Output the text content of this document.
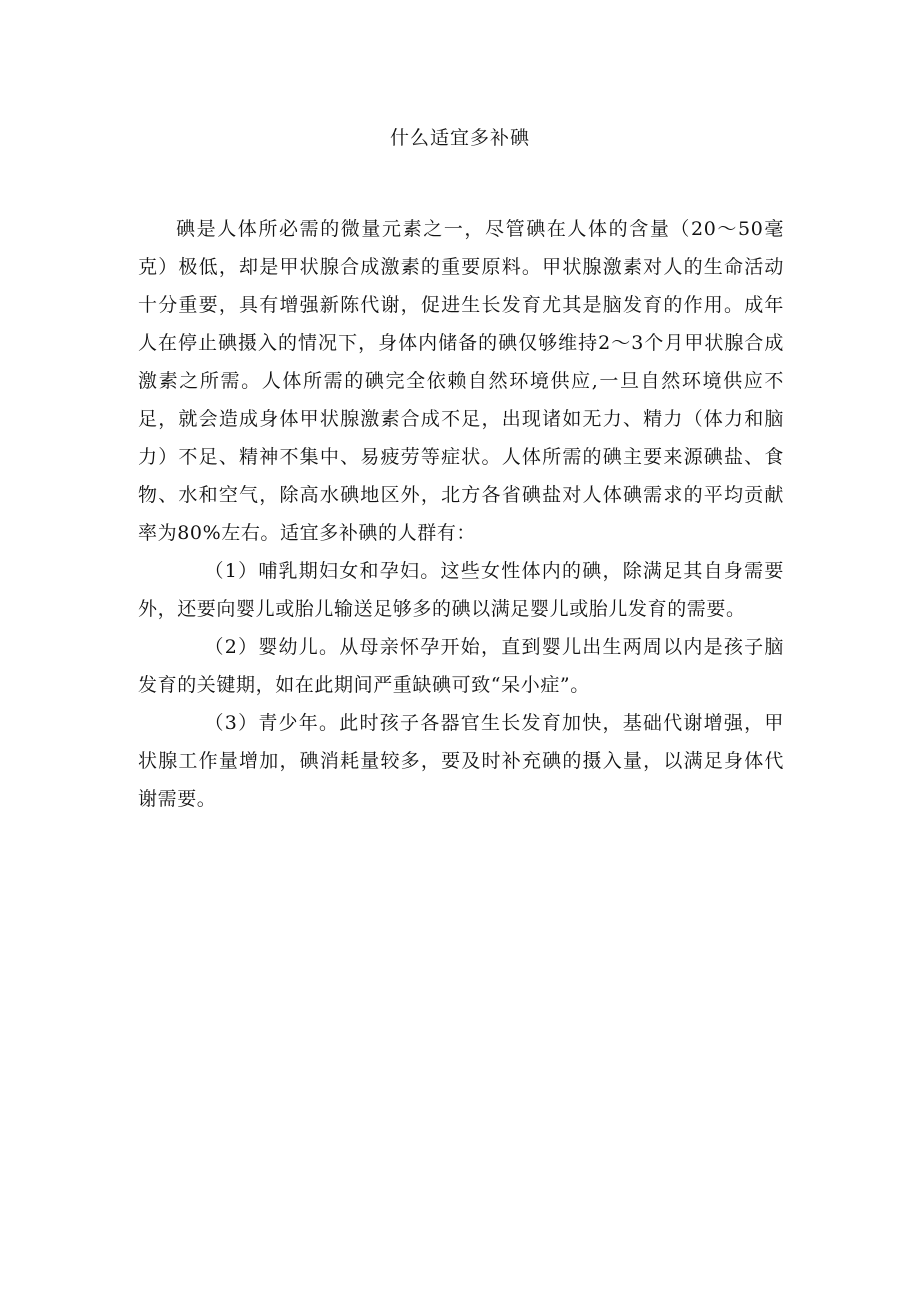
什么适宜多补碘

碘是人体所必需的微量元素之一，尽管碘在人体的含量（20～50毫克）极低，却是甲状腺合成激素的重要原料。甲状腺激素对人的生命活动十分重要，具有增强新陈代谢，促进生长发育尤其是脑发育的作用。成年人在停止碘摄入的情况下，身体内储备的碘仅够维持2～3个月甲状腺合成激素之所需。人体所需的碘完全依赖自然环境供应,一旦自然环境供应不足，就会造成身体甲状腺激素合成不足，出现诸如无力、精力（体力和脑力）不足、精神不集中、易疲劳等症状。人体所需的碘主要来源碘盐、食物、水和空气，除高水碘地区外，北方各省碘盐对人体碘需求的平均贡献率为80%左右。适宜多补碘的人群有：

（1）哺乳期妇女和孕妇。这些女性体内的碘，除满足其自身需要外，还要向婴儿或胎儿输送足够多的碘以满足婴儿或胎儿发育的需要。

（2）婴幼儿。从母亲怀孕开始，直到婴儿出生两周以内是孩子脑发育的关键期，如在此期间严重缺碘可致“呆小症”。

（3）青少年。此时孩子各器官生长发育加快，基础代谢增强，甲状腺工作量增加，碘消耗量较多，要及时补充碘的摄入量，以满足身体代谢需要。
